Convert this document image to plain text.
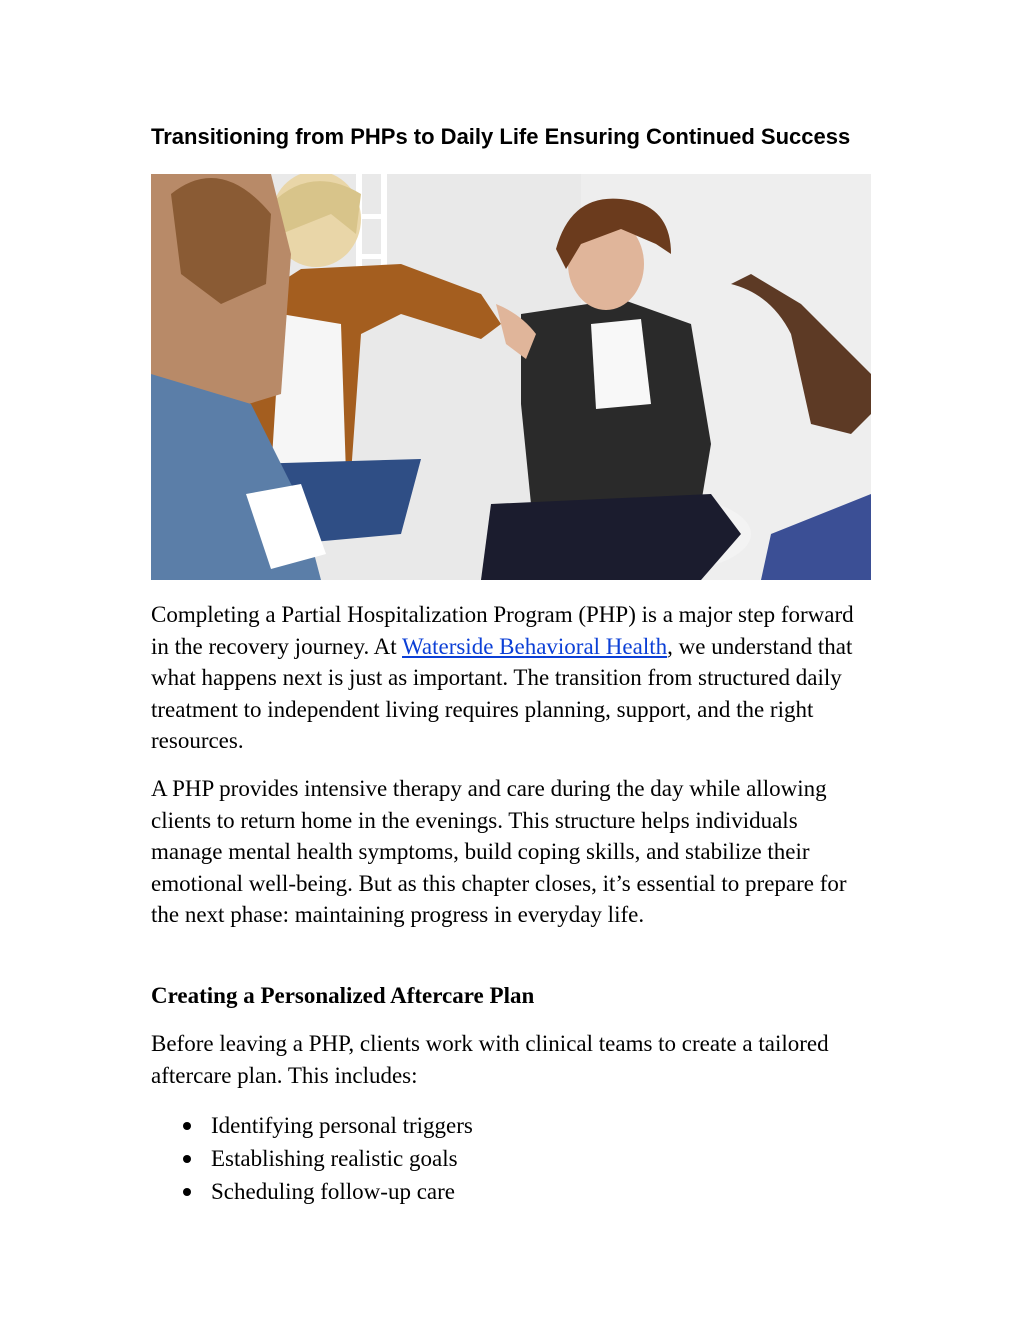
Transitioning from PHPs to Daily Life Ensuring Continued Success

Completing a Partial Hospitalization Program (PHP) is a major step forward in the recovery journey. At Waterside Behavioral Health, we understand that what happens next is just as important. The transition from structured daily treatment to independent living requires planning, support, and the right resources.

A PHP provides intensive therapy and care during the day while allowing clients to return home in the evenings. This structure helps individuals manage mental health symptoms, build coping skills, and stabilize their emotional well-being. But as this chapter closes, it’s essential to prepare for the next phase: maintaining progress in everyday life.

Creating a Personalized Aftercare Plan

Before leaving a PHP, clients work with clinical teams to create a tailored aftercare plan. This includes:

Identifying personal triggers
Establishing realistic goals
Scheduling follow-up care
